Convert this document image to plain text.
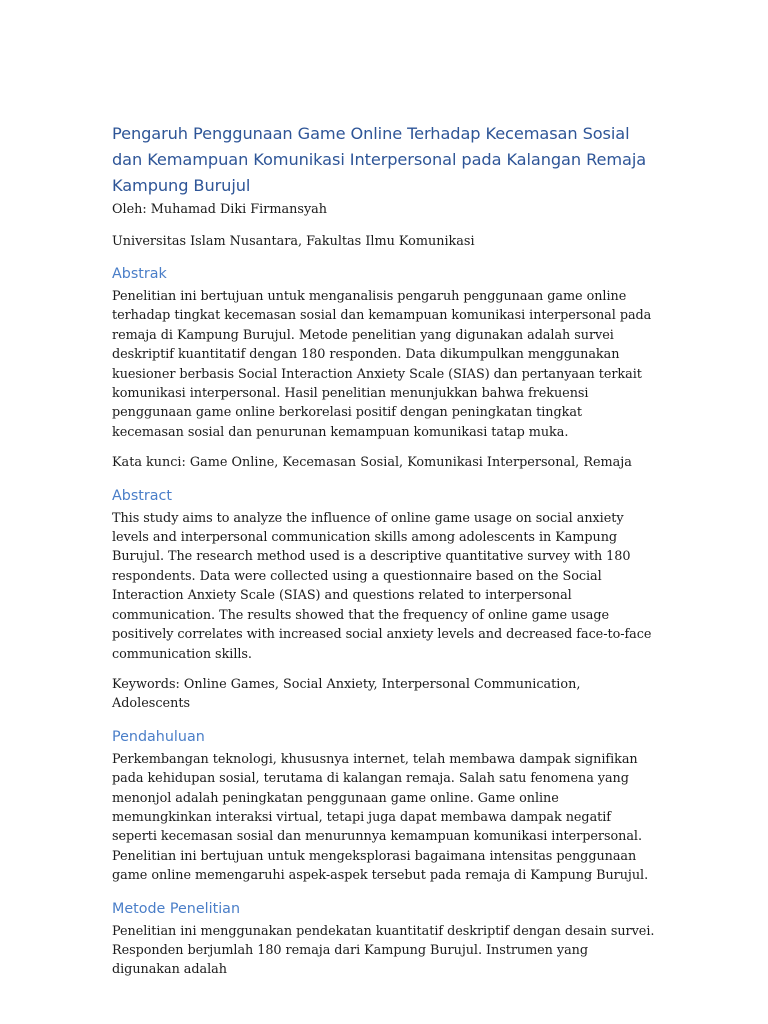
Pengaruh Penggunaan Game Online Terhadap Kecemasan Sosial dan Kemampuan Komunikasi Interpersonal pada Kalangan Remaja Kampung Burujul

Oleh: Muhamad Diki Firmansyah

Universitas Islam Nusantara, Fakultas Ilmu Komunikasi

Abstrak

Penelitian ini bertujuan untuk menganalisis pengaruh penggunaan game online terhadap tingkat kecemasan sosial dan kemampuan komunikasi interpersonal pada remaja di Kampung Burujul. Metode penelitian yang digunakan adalah survei deskriptif kuantitatif dengan 180 responden. Data dikumpulkan menggunakan kuesioner berbasis Social Interaction Anxiety Scale (SIAS) dan pertanyaan terkait komunikasi interpersonal. Hasil penelitian menunjukkan bahwa frekuensi penggunaan game online berkorelasi positif dengan peningkatan tingkat kecemasan sosial dan penurunan kemampuan komunikasi tatap muka.

Kata kunci: Game Online, Kecemasan Sosial, Komunikasi Interpersonal, Remaja

Abstract

This study aims to analyze the influence of online game usage on social anxiety levels and interpersonal communication skills among adolescents in Kampung Burujul. The research method used is a descriptive quantitative survey with 180 respondents. Data were collected using a questionnaire based on the Social Interaction Anxiety Scale (SIAS) and questions related to interpersonal communication. The results showed that the frequency of online game usage positively correlates with increased social anxiety levels and decreased face-to-face communication skills.

Keywords: Online Games, Social Anxiety, Interpersonal Communication, Adolescents

Pendahuluan

Perkembangan teknologi, khususnya internet, telah membawa dampak signifikan pada kehidupan sosial, terutama di kalangan remaja. Salah satu fenomena yang menonjol adalah peningkatan penggunaan game online. Game online memungkinkan interaksi virtual, tetapi juga dapat membawa dampak negatif seperti kecemasan sosial dan menurunnya kemampuan komunikasi interpersonal. Penelitian ini bertujuan untuk mengeksplorasi bagaimana intensitas penggunaan game online memengaruhi aspek-aspek tersebut pada remaja di Kampung Burujul.

Metode Penelitian

Penelitian ini menggunakan pendekatan kuantitatif deskriptif dengan desain survei. Responden berjumlah 180 remaja dari Kampung Burujul. Instrumen yang digunakan adalah
